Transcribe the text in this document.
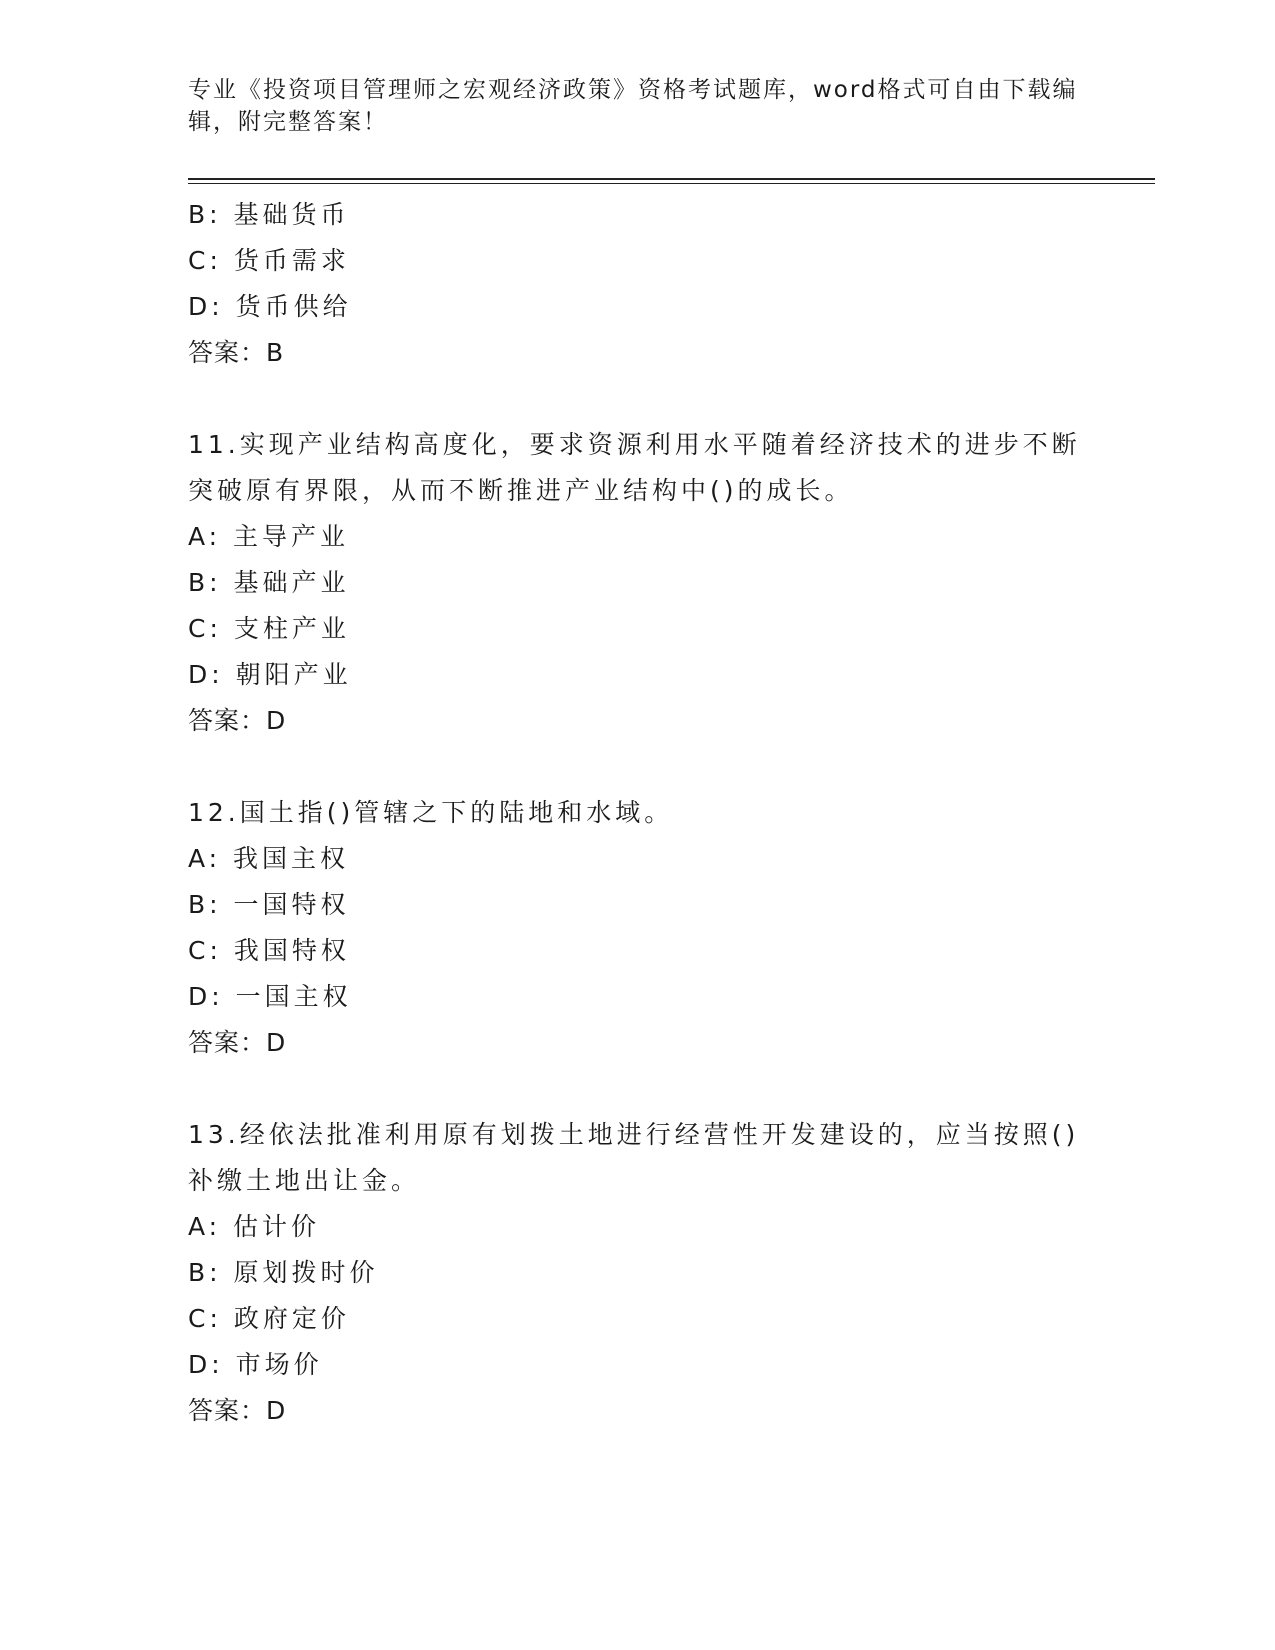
专业《投资项目管理师之宏观经济政策》资格考试题库，word格式可自由下载编
辑，附完整答案！
B: 基础货币
C: 货币需求
D: 货币供给
答案：B
11.实现产业结构高度化，要求资源利用水平随着经济技术的进步不断
突破原有界限，从而不断推进产业结构中()的成长。
A: 主导产业
B: 基础产业
C: 支柱产业
D: 朝阳产业
答案：D
12.国土指()管辖之下的陆地和水域。
A: 我国主权
B: 一国特权
C: 我国特权
D: 一国主权
答案：D
13.经依法批准利用原有划拨土地进行经营性开发建设的，应当按照()
补缴土地出让金。
A: 估计价
B: 原划拨时价
C: 政府定价
D: 市场价
答案：D
